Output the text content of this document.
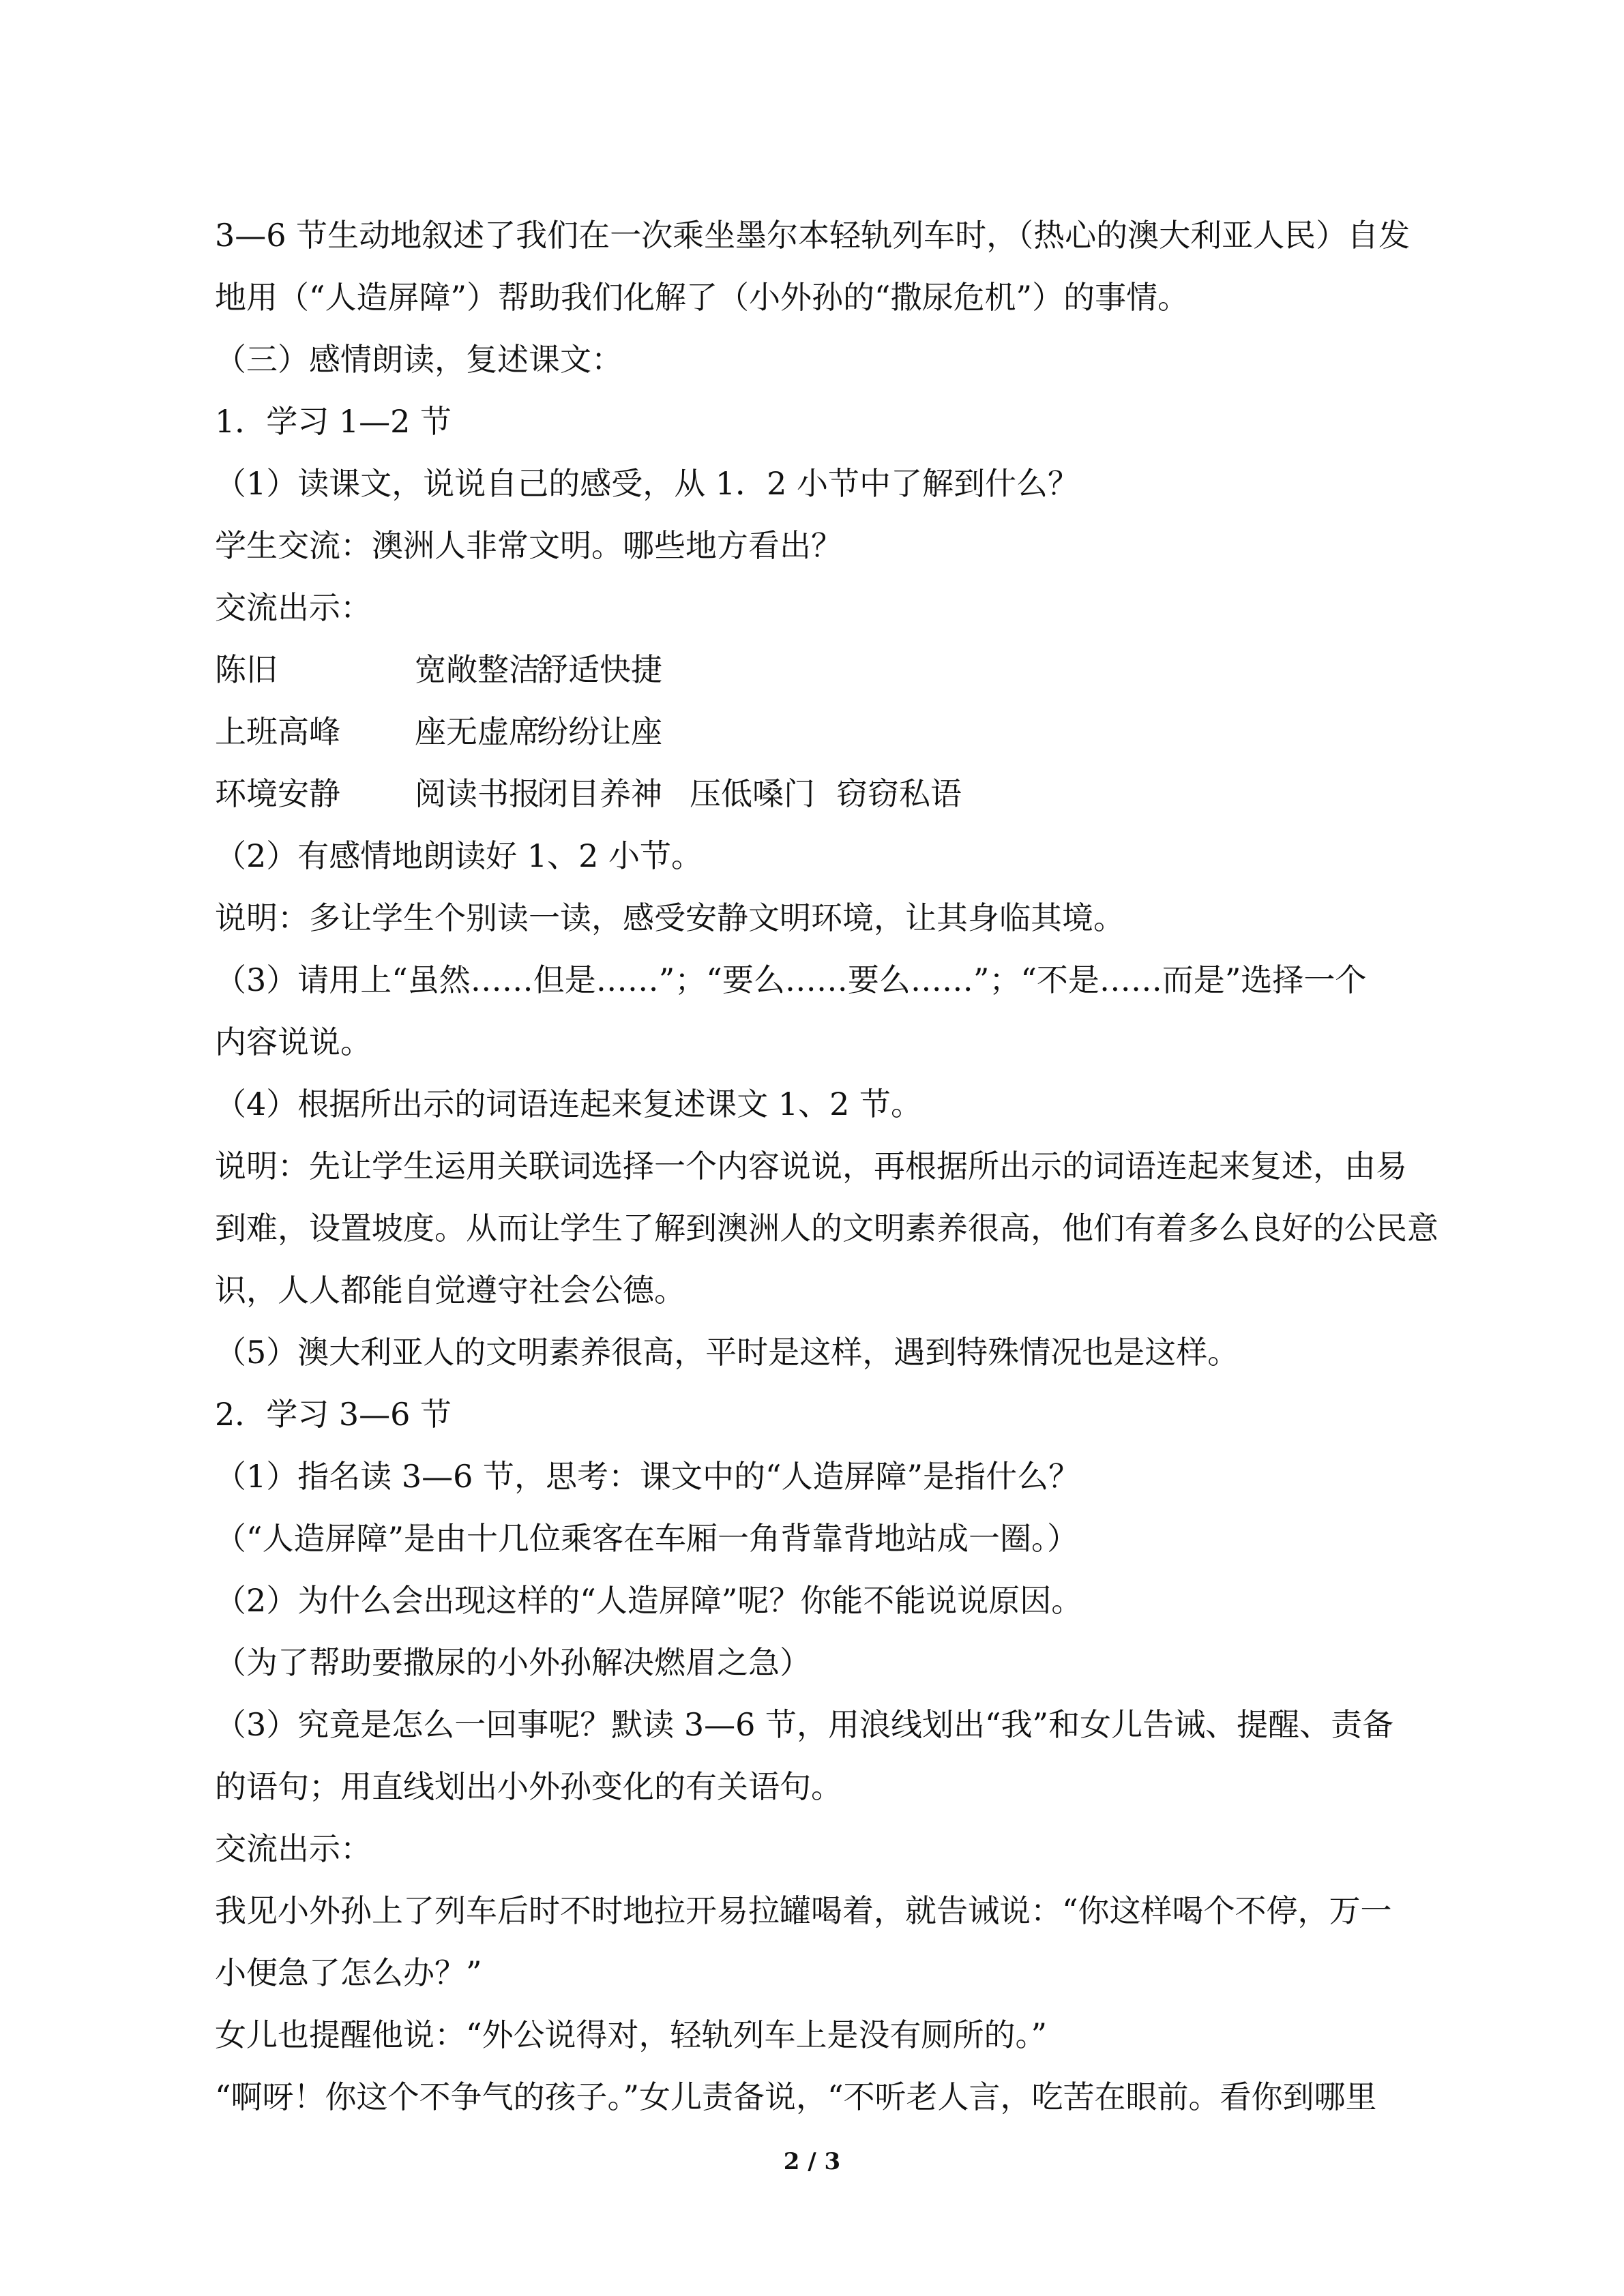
3—6 节生动地叙述了我们在一次乘坐墨尔本轻轨列车时，（热心的澳大利亚人民）自发

地用（“人造屏障”）帮助我们化解了（小外孙的“撒尿危机”）的事情。

（三）感情朗读，复述课文：

1．学习 1—2 节

（1）读课文，说说自己的感受，从 1．2 小节中了解到什么？

学生交流：澳洲人非常文明。哪些地方看出？

交流出示：

陈旧	宽敞整洁
舒适快捷

上班高峰 座无虚席
纷纷让座

环境安静 阅读书报
闭目养神 压低嗓门 窃窃私语

（2）有感情地朗读好 1、2 小节。

说明：多让学生个别读一读，感受安静文明环境，让其身临其境。

（3）请用上“虽然……但是……”；“要么……要么……”；“不是……而是”选择一个

内容说说。

（4）根据所出示的词语连起来复述课文 1、2 节。

说明：先让学生运用关联词选择一个内容说说，再根据所出示的词语连起来复述，由易

到难，设置坡度。从而让学生了解到澳洲人的文明素养很高，他们有着多么良好的公民意

识，人人都能自觉遵守社会公德。

（5）澳大利亚人的文明素养很高，平时是这样，遇到特殊情况也是这样。

2．学习 3—6 节

（1）指名读 3—6 节，思考：课文中的“人造屏障”是指什么？

（“人造屏障”是由十几位乘客在车厢一角背靠背地站成一圈。）

（2）为什么会出现这样的“人造屏障”呢？你能不能说说原因。

（为了帮助要撒尿的小外孙解决燃眉之急）

（3）究竟是怎么一回事呢？默读 3—6 节，用浪线划出“我”和女儿告诫、提醒、责备

的语句；用直线划出小外孙变化的有关语句。

交流出示：

我见小外孙上了列车后时不时地拉开易拉罐喝着，就告诫说：“你这样喝个不停，万一

小便急了怎么办？”

女儿也提醒他说：“外公说得对，轻轨列车上是没有厕所的。”

“啊呀！你这个不争气的孩子。”女儿责备说，“不听老人言，吃苦在眼前。看你到哪里

2 / 3
